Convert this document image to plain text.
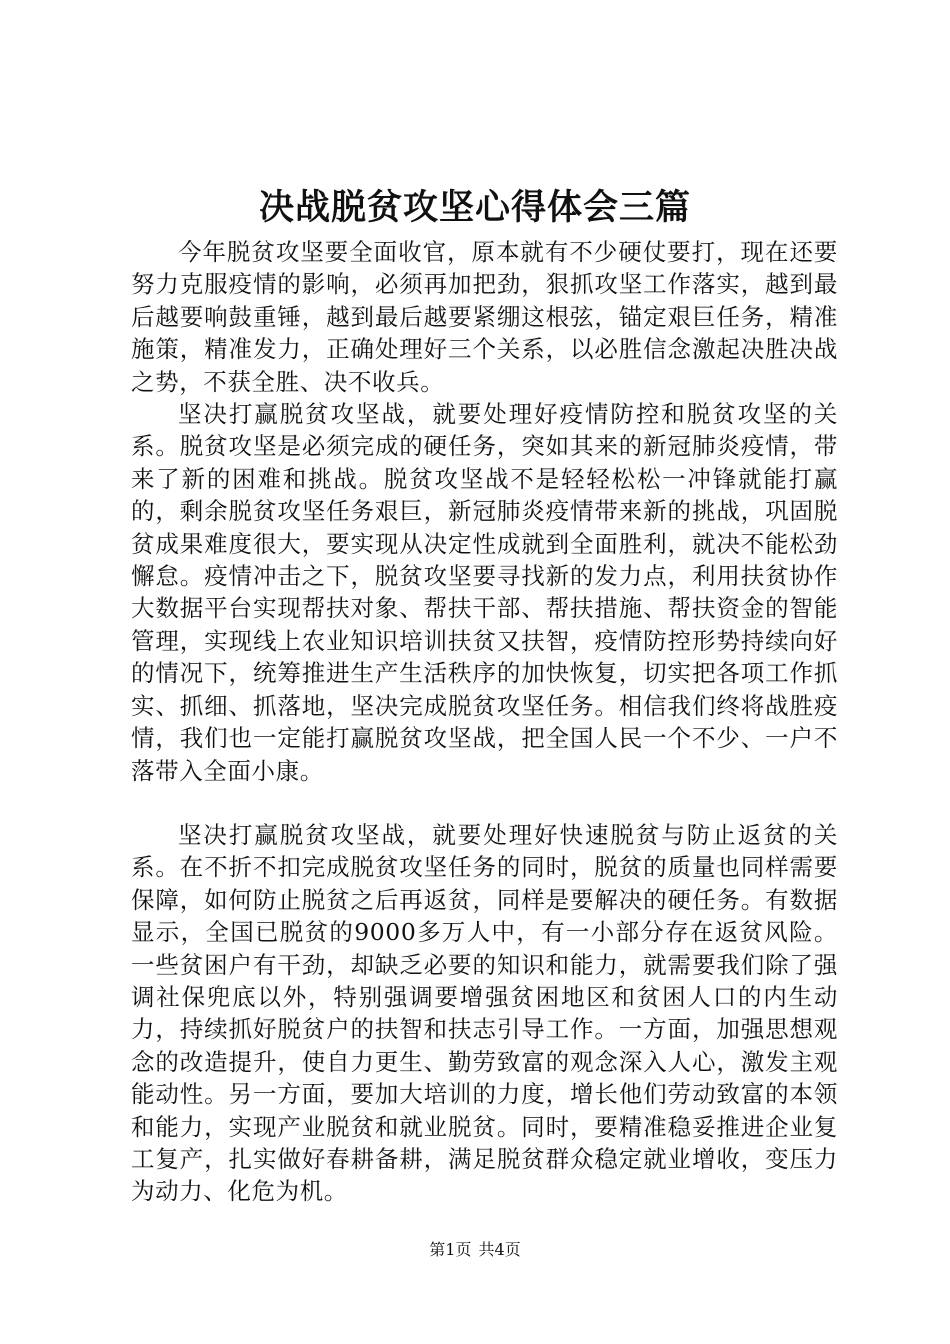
决战脱贫攻坚心得体会三篇

今年脱贫攻坚要全面收官，原本就有不少硬仗要打，现在还要努力克服疫情的影响，必须再加把劲，狠抓攻坚工作落实，越到最后越要响鼓重锤，越到最后越要紧绷这根弦，锚定艰巨任务，精准施策，精准发力，正确处理好三个关系，以必胜信念激起决胜决战之势，不获全胜、决不收兵。

坚决打赢脱贫攻坚战，就要处理好疫情防控和脱贫攻坚的关系。脱贫攻坚是必须完成的硬任务，突如其来的新冠肺炎疫情，带来了新的困难和挑战。脱贫攻坚战不是轻轻松松一冲锋就能打赢的，剩余脱贫攻坚任务艰巨，新冠肺炎疫情带来新的挑战，巩固脱贫成果难度很大，要实现从决定性成就到全面胜利，就决不能松劲懈怠。疫情冲击之下，脱贫攻坚要寻找新的发力点，利用扶贫协作大数据平台实现帮扶对象、帮扶干部、帮扶措施、帮扶资金的智能管理，实现线上农业知识培训扶贫又扶智，疫情防控形势持续向好的情况下，统筹推进生产生活秩序的加快恢复，切实把各项工作抓实、抓细、抓落地，坚决完成脱贫攻坚任务。相信我们终将战胜疫情，我们也一定能打赢脱贫攻坚战，把全国人民一个不少、一户不落带入全面小康。

坚决打赢脱贫攻坚战，就要处理好快速脱贫与防止返贫的关系。在不折不扣完成脱贫攻坚任务的同时，脱贫的质量也同样需要保障，如何防止脱贫之后再返贫，同样是要解决的硬任务。有数据显示，全国已脱贫的9000多万人中，有一小部分存在返贫风险。一些贫困户有干劲，却缺乏必要的知识和能力，就需要我们除了强调社保兜底以外，特别强调要增强贫困地区和贫困人口的内生动力，持续抓好脱贫户的扶智和扶志引导工作。一方面，加强思想观念的改造提升，使自力更生、勤劳致富的观念深入人心，激发主观能动性。另一方面，要加大培训的力度，增长他们劳动致富的本领和能力，实现产业脱贫和就业脱贫。同时，要精准稳妥推进企业复工复产，扎实做好春耕备耕，满足脱贫群众稳定就业增收，变压力为动力、化危为机。

第1页 共4页
